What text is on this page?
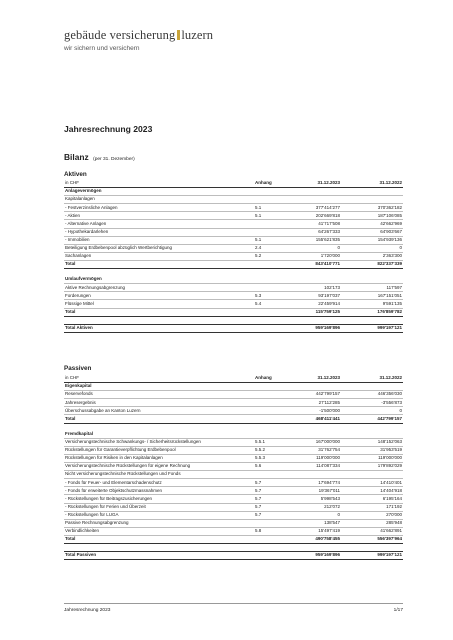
gebäude versicherung luzern
wir sichern und versichern
Jahresrechnung 2023
Bilanz (per 31. Dezember)
Aktiven
in CHF	Anhang	31.12.2023	31.12.2022
Anlagevermögen			
Kapitalanlagen			
- Festverzinsliche Anlagen	5.1	377'414'277	370'362'182
- Aktien	5.1	202'669'818	187'106'085
- Alternative Anlagen		41'717'508	42'662'969
- Hypothekardarlehen		64'267'333	64'903'667
- Immobilien	5.1	155'621'835	154'939'136
Beteiligung Erdbebenpool abzüglich Wertberichtigung	2.4	0	0
Sachanlagen	5.2	1'720'000	2'363'300
Total		843'410'771	822'337'339

Umlaufvermögen			
Aktive Rechnungsabgrenzung		102'173	117'597
Forderungen	5.3	93'197'037	167'151'051
Flüssige Mittel	5.4	22'459'914	9'591'135
Total		115'759'125	176'859'782

Total Aktiven		959'169'896	999'197'121
Passiven
in CHF	Anhang	31.12.2023	31.12.2022
Eigenkapital			
Reservefonds		442'799'157	446'356'030
Jahresergebnis		27'112'285	-3'556'873
Überschussabgabe an Kanton Luzern		-1'500'000	0
Total		468'411'441	442'799'157

Fremdkapital			
Versicherungstechnische Schwankungs- / Sicherheitsrückstellungen	5.5.1	167'000'000	148'152'063
Rückstellungen für Garantieverpflichtung Erdbebenpool	5.5.2	31'762'754	31'953'519
Rückstellungen für Risiken in den Kapitalanlagen	5.5.3	119'000'000	119'000'000
Versicherungstechnische Rückstellungen für eigene Rechnung	5.6	114'087'334	179'892'029
Nicht versicherungstechnische Rückstellungen und Fonds			
- Fonds für Feuer- und Elementarschadenschutz	5.7	17'694'774	14'410'401
- Fonds für erweiterte Objektschutzmassnahmen	5.7	19'367'011	14'404'918
- Rückstellungen für Beitragszusicherungen	5.7	5'998'543	6'195'164
- Rückstellungen für Ferien und Überzeit	5.7	212'072	171'192
- Rückstellungen für LUGA	5.7	0	270'000
Passive Rechnungsabgrenzung		138'547	285'948
Verbindlichkeiten	5.8	15'497'419	41'662'891
Total		490'758'455	556'397'964

Total Passiven		959'169'896	999'197'121
Jahresrechnung 2023	1/17
